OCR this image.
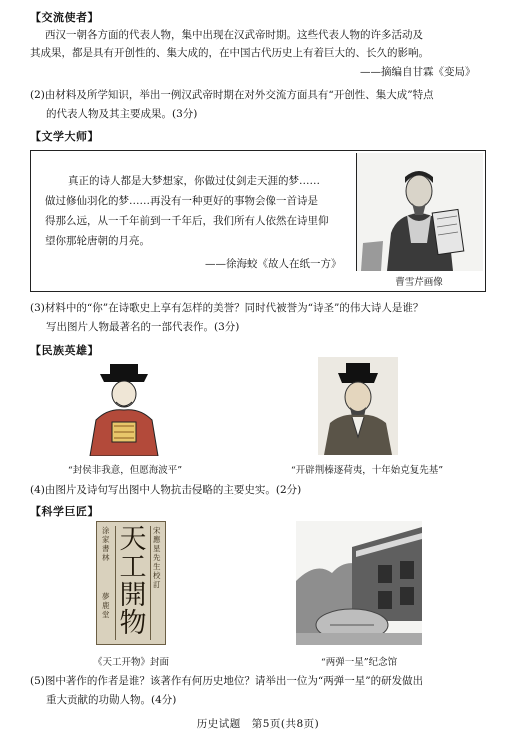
【交流使者】
西汉一朝各方面的代表人物，集中出现在汉武帝时期。这些代表人物的许多活动及
其成果，都是具有开创性的、集大成的，在中国古代历史上有着巨大的、长久的影响。
——摘编自甘霖《变局》
(2)由材料及所学知识，举出一例汉武帝时期在对外交流方面具有“开创性、集大成”特点
的代表人物及其主要成果。(3分)
【文学大师】
真正的诗人都是大梦想家，你做过仗剑走天涯的梦……
做过修仙羽化的梦……再没有一种更好的事物会像一首诗是
得那么远，从一千年前到一千年后，我们所有人依然在诗里仰
望你那轮唐朝的月亮。
——徐海蛟《故人在纸一方》
曹雪芹画像
(3)材料中的“你”在诗歌史上享有怎样的美誉？同时代被誉为“诗圣”的伟大诗人是谁？
写出图片人物最著名的一部代表作。(3分)
【民族英雄】
“封侯非我意，但愿海波平”	“开辟荆榛逐荷夷，十年始克复先基”
(4)由图片及诗句写出图中人物抗击侵略的主要史实。(2分)
【科学巨匠】
涂家書林
夢鹿堂
天工開物
宋應星先生校訂
《天工开物》封面	“两弹一星”纪念馆
(5)图中著作的作者是谁？该著作有何历史地位？请举出一位为“两弹一星”的研发做出
重大贡献的功勋人物。(4分)
历史试题　第5页(共8页)
